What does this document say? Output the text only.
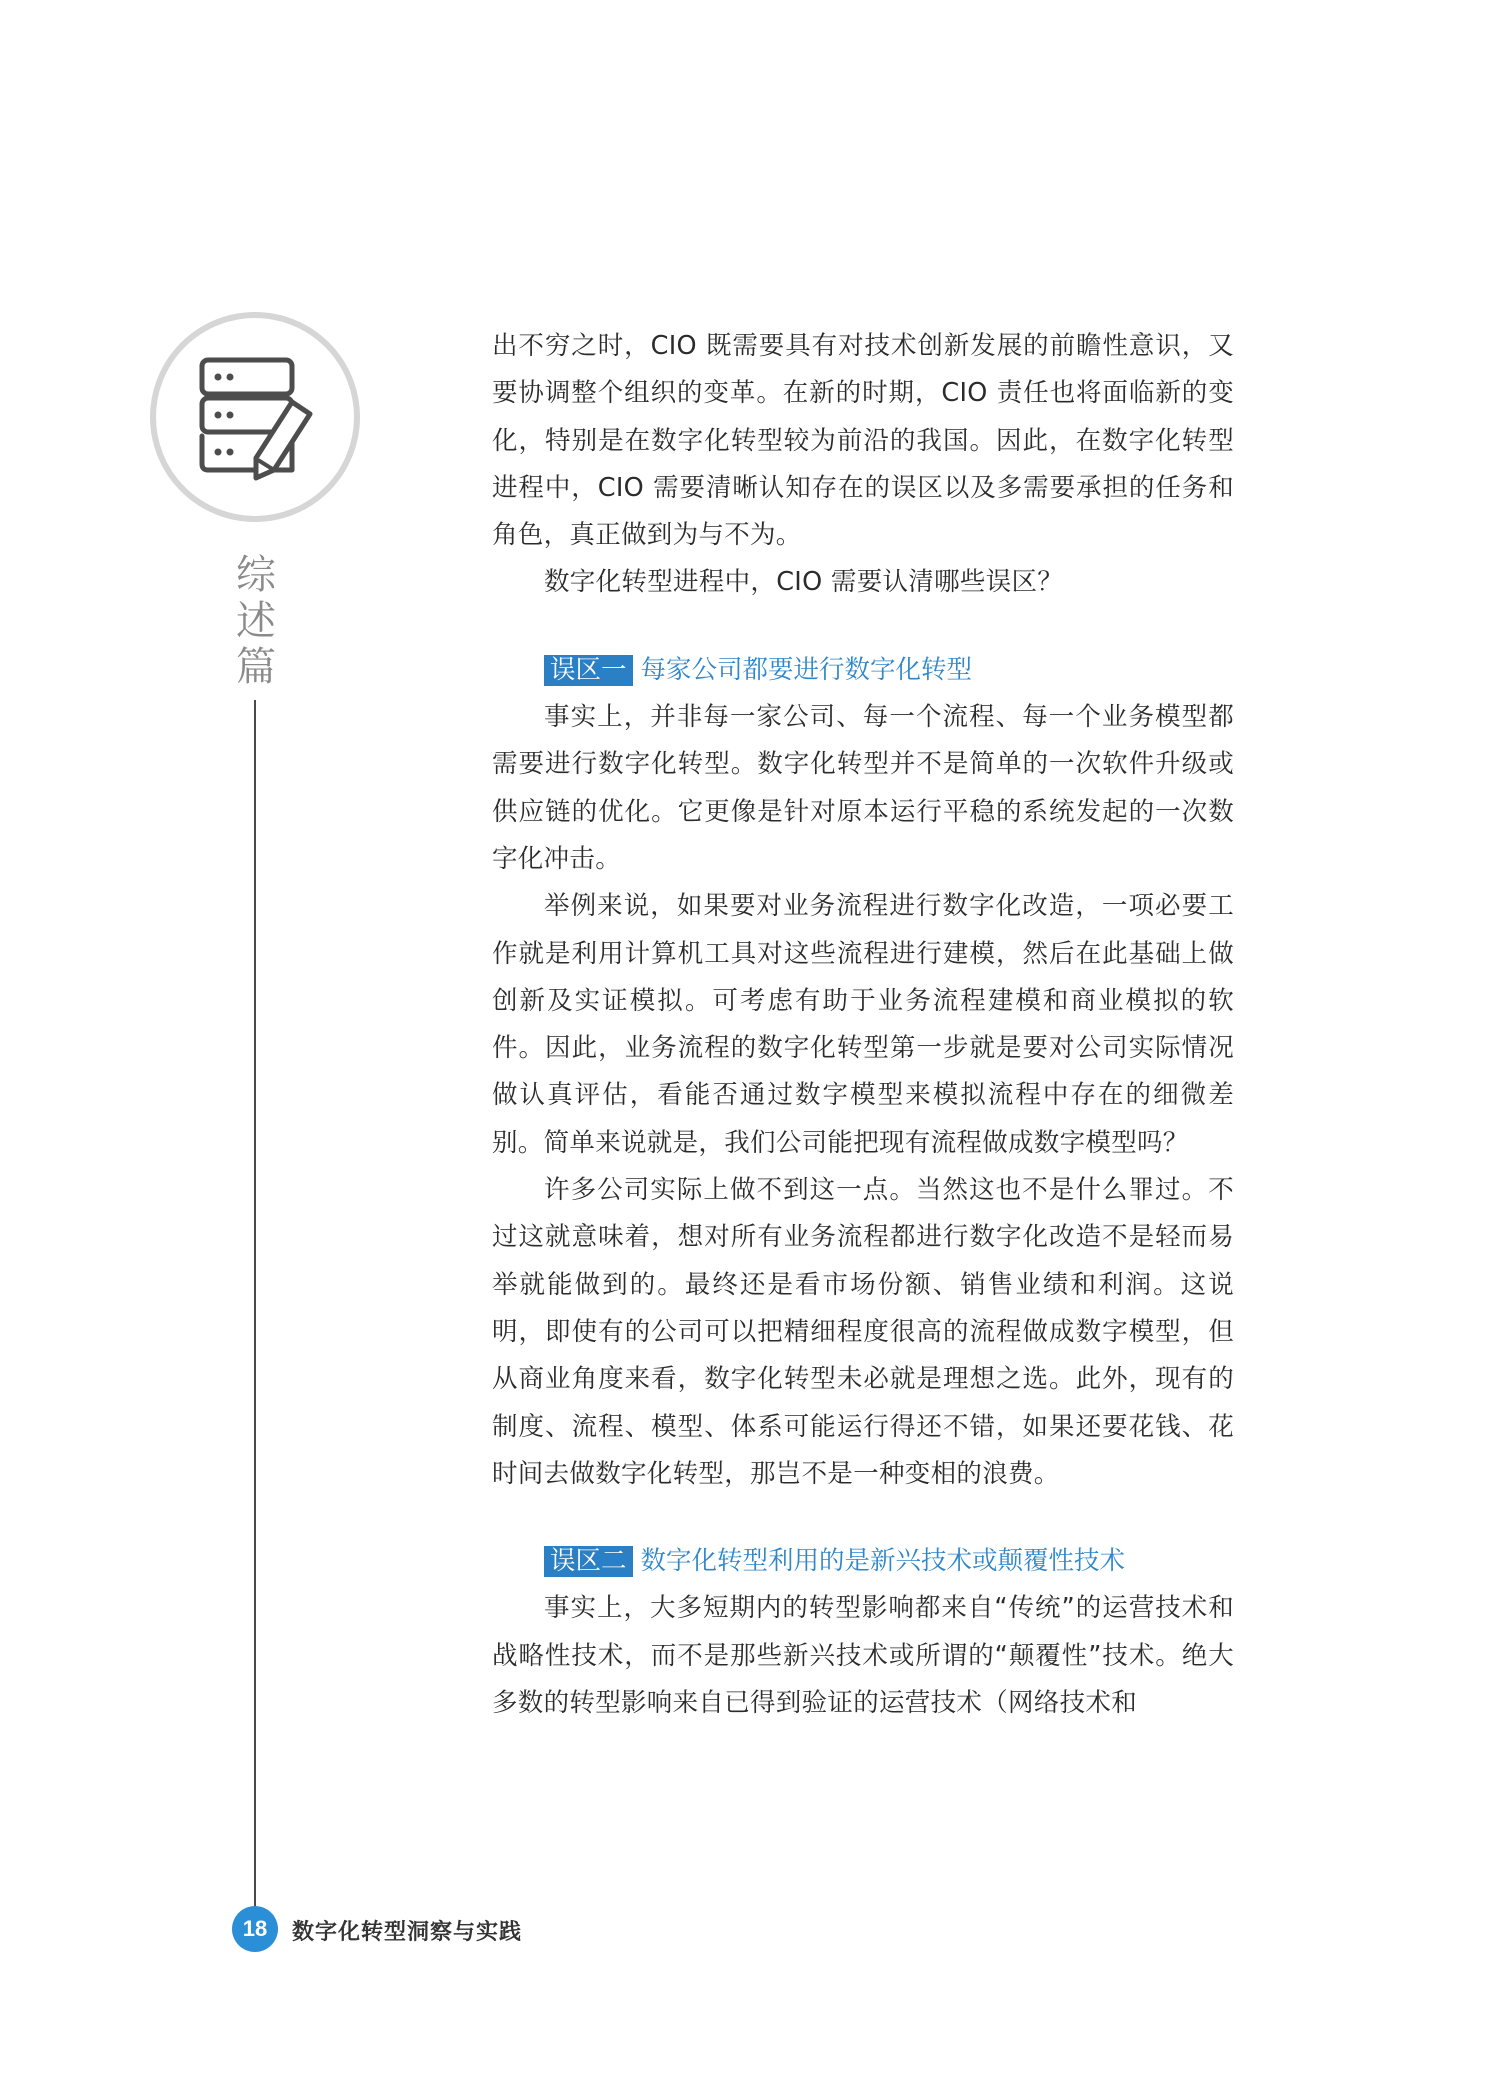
综述篇

出不穷之时，CIO 既需要具有对技术创新发展的前瞻性意识，又要协调整个组织的变革。在新的时期，CIO 责任也将面临新的变化，特别是在数字化转型较为前沿的我国。因此，在数字化转型进程中，CIO 需要清晰认知存在的误区以及多需要承担的任务和角色，真正做到为与不为。

数字化转型进程中，CIO 需要认清哪些误区？

误区一 每家公司都要进行数字化转型

事实上，并非每一家公司、每一个流程、每一个业务模型都需要进行数字化转型。数字化转型并不是简单的一次软件升级或供应链的优化。它更像是针对原本运行平稳的系统发起的一次数字化冲击。

举例来说，如果要对业务流程进行数字化改造，一项必要工作就是利用计算机工具对这些流程进行建模，然后在此基础上做创新及实证模拟。可考虑有助于业务流程建模和商业模拟的软件。因此，业务流程的数字化转型第一步就是要对公司实际情况做认真评估，看能否通过数字模型来模拟流程中存在的细微差别。简单来说就是，我们公司能把现有流程做成数字模型吗？

许多公司实际上做不到这一点。当然这也不是什么罪过。不过这就意味着，想对所有业务流程都进行数字化改造不是轻而易举就能做到的。最终还是看市场份额、销售业绩和利润。这说明，即使有的公司可以把精细程度很高的流程做成数字模型，但从商业角度来看，数字化转型未必就是理想之选。此外，现有的制度、流程、模型、体系可能运行得还不错，如果还要花钱、花时间去做数字化转型，那岂不是一种变相的浪费。

误区二 数字化转型利用的是新兴技术或颠覆性技术

事实上，大多短期内的转型影响都来自“传统”的运营技术和战略性技术，而不是那些新兴技术或所谓的“颠覆性”技术。绝大多数的转型影响来自已得到验证的运营技术（网络技术和

18	数字化转型洞察与实践
